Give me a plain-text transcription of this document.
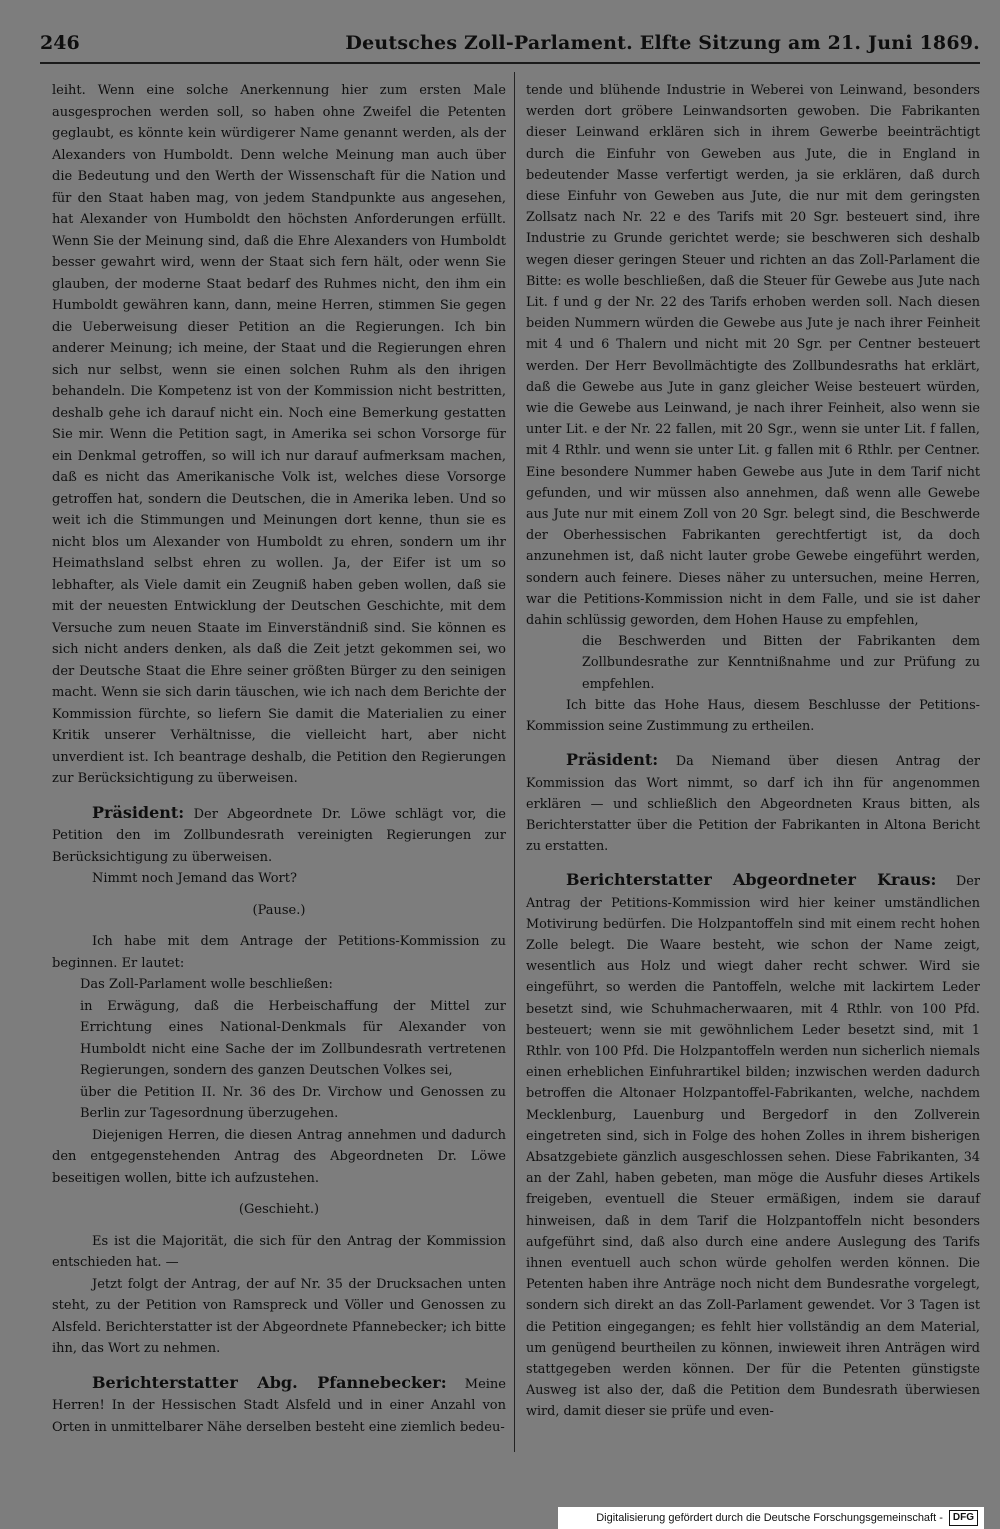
246	Deutsches Zoll-Parlament. Elfte Sitzung am 21. Juni 1869.

leiht. Wenn eine solche Anerkennung hier zum ersten Male ausgesprochen werden soll, so haben ohne Zweifel die Petenten geglaubt, es könnte kein würdigerer Name genannt werden, als der Alexanders von Humboldt. Denn welche Meinung man auch über die Bedeutung und den Werth der Wissenschaft für die Nation und für den Staat haben mag, von jedem Standpunkte aus angesehen, hat Alexander von Humboldt den höchsten Anforderungen erfüllt. Wenn Sie der Meinung sind, daß die Ehre Alexanders von Humboldt besser gewahrt wird, wenn der Staat sich fern hält, oder wenn Sie glauben, der moderne Staat bedarf des Ruhmes nicht, den ihm ein Humboldt gewähren kann, dann, meine Herren, stimmen Sie gegen die Ueberweisung dieser Petition an die Regierungen. Ich bin anderer Meinung; ich meine, der Staat und die Regierungen ehren sich nur selbst, wenn sie einen solchen Ruhm als den ihrigen behandeln. Die Kompetenz ist von der Kommission nicht bestritten, deshalb gehe ich darauf nicht ein. Noch eine Bemerkung gestatten Sie mir. Wenn die Petition sagt, in Amerika sei schon Vorsorge für ein Denkmal getroffen, so will ich nur darauf aufmerksam machen, daß es nicht das Amerikanische Volk ist, welches diese Vorsorge getroffen hat, sondern die Deutschen, die in Amerika leben. Und so weit ich die Stimmungen und Meinungen dort kenne, thun sie es nicht blos um Alexander von Humboldt zu ehren, sondern um ihr Heimathsland selbst ehren zu wollen. Ja, der Eifer ist um so lebhafter, als Viele damit ein Zeugniß haben geben wollen, daß sie mit der neuesten Entwicklung der Deutschen Geschichte, mit dem Versuche zum neuen Staate im Einverständniß sind. Sie können es sich nicht anders denken, als daß die Zeit jetzt gekommen sei, wo der Deutsche Staat die Ehre seiner größten Bürger zu den seinigen macht. Wenn sie sich darin täuschen, wie ich nach dem Berichte der Kommission fürchte, so liefern Sie damit die Materialien zu einer Kritik unserer Verhältnisse, die vielleicht hart, aber nicht unverdient ist. Ich beantrage deshalb, die Petition den Regierungen zur Berücksichtigung zu überweisen.

Präsident: Der Abgeordnete Dr. Löwe schlägt vor, die Petition den im Zollbundesrath vereinigten Regierungen zur Berücksichtigung zu überweisen.

Nimmt noch Jemand das Wort?

(Pause.)

Ich habe mit dem Antrage der Petitions-Kommission zu beginnen. Er lautet:

Das Zoll-Parlament wolle beschließen:

in Erwägung, daß die Herbeischaffung der Mittel zur Errichtung eines National-Denkmals für Alexander von Humboldt nicht eine Sache der im Zollbundesrath vertretenen Regierungen, sondern des ganzen Deutschen Volkes sei,

über die Petition II. Nr. 36 des Dr. Virchow und Genossen zu Berlin zur Tagesordnung überzugehen.

Diejenigen Herren, die diesen Antrag annehmen und dadurch den entgegenstehenden Antrag des Abgeordneten Dr. Löwe beseitigen wollen, bitte ich aufzustehen.

(Geschieht.)

Es ist die Majorität, die sich für den Antrag der Kommission entschieden hat. —

Jetzt folgt der Antrag, der auf Nr. 35 der Drucksachen unten steht, zu der Petition von Ramspreck und Völler und Genossen zu Alsfeld. Berichterstatter ist der Abgeordnete Pfannebecker; ich bitte ihn, das Wort zu nehmen.

Berichterstatter Abg. Pfannebecker: Meine Herren! In der Hessischen Stadt Alsfeld und in einer Anzahl von Orten in unmittelbarer Nähe derselben besteht eine ziemlich bedeu-

tende und blühende Industrie in Weberei von Leinwand, besonders werden dort gröbere Leinwandsorten gewoben. Die Fabrikanten dieser Leinwand erklären sich in ihrem Gewerbe beeinträchtigt durch die Einfuhr von Geweben aus Jute, die in England in bedeutender Masse verfertigt werden, ja sie erklären, daß durch diese Einfuhr von Geweben aus Jute, die nur mit dem geringsten Zollsatz nach Nr. 22 e des Tarifs mit 20 Sgr. besteuert sind, ihre Industrie zu Grunde gerichtet werde; sie beschweren sich deshalb wegen dieser geringen Steuer und richten an das Zoll-Parlament die Bitte: es wolle beschließen, daß die Steuer für Gewebe aus Jute nach Lit. f und g der Nr. 22 des Tarifs erhoben werden soll. Nach diesen beiden Nummern würden die Gewebe aus Jute je nach ihrer Feinheit mit 4 und 6 Thalern und nicht mit 20 Sgr. per Centner besteuert werden. Der Herr Bevollmächtigte des Zollbundesraths hat erklärt, daß die Gewebe aus Jute in ganz gleicher Weise besteuert würden, wie die Gewebe aus Leinwand, je nach ihrer Feinheit, also wenn sie unter Lit. e der Nr. 22 fallen, mit 20 Sgr., wenn sie unter Lit. f fallen, mit 4 Rthlr. und wenn sie unter Lit. g fallen mit 6 Rthlr. per Centner. Eine besondere Nummer haben Gewebe aus Jute in dem Tarif nicht gefunden, und wir müssen also annehmen, daß wenn alle Gewebe aus Jute nur mit einem Zoll von 20 Sgr. belegt sind, die Beschwerde der Oberhessischen Fabrikanten gerechtfertigt ist, da doch anzunehmen ist, daß nicht lauter grobe Gewebe eingeführt werden, sondern auch feinere. Dieses näher zu untersuchen, meine Herren, war die Petitions-Kommission nicht in dem Falle, und sie ist daher dahin schlüssig geworden, dem Hohen Hause zu empfehlen,

die Beschwerden und Bitten der Fabrikanten dem Zollbundesrathe zur Kenntnißnahme und zur Prüfung zu empfehlen.

Ich bitte das Hohe Haus, diesem Beschlusse der Petitions-Kommission seine Zustimmung zu ertheilen.

Präsident: Da Niemand über diesen Antrag der Kommission das Wort nimmt, so darf ich ihn für angenommen erklären — und schließlich den Abgeordneten Kraus bitten, als Berichterstatter über die Petition der Fabrikanten in Altona Bericht zu erstatten.

Berichterstatter Abgeordneter Kraus: Der Antrag der Petitions-Kommission wird hier keiner umständlichen Motivirung bedürfen. Die Holzpantoffeln sind mit einem recht hohen Zolle belegt. Die Waare besteht, wie schon der Name zeigt, wesentlich aus Holz und wiegt daher recht schwer. Wird sie eingeführt, so werden die Pantoffeln, welche mit lackirtem Leder besetzt sind, wie Schuhmacherwaaren, mit 4 Rthlr. von 100 Pfd. besteuert; wenn sie mit gewöhnlichem Leder besetzt sind, mit 1 Rthlr. von 100 Pfd. Die Holzpantoffeln werden nun sicherlich niemals einen erheblichen Einfuhrartikel bilden; inzwischen werden dadurch betroffen die Altonaer Holzpantoffel-Fabrikanten, welche, nachdem Mecklenburg, Lauenburg und Bergedorf in den Zollverein eingetreten sind, sich in Folge des hohen Zolles in ihrem bisherigen Absatzgebiete gänzlich ausgeschlossen sehen. Diese Fabrikanten, 34 an der Zahl, haben gebeten, man möge die Ausfuhr dieses Artikels freigeben, eventuell die Steuer ermäßigen, indem sie darauf hinweisen, daß in dem Tarif die Holzpantoffeln nicht besonders aufgeführt sind, daß also durch eine andere Auslegung des Tarifs ihnen eventuell auch schon würde geholfen werden können. Die Petenten haben ihre Anträge noch nicht dem Bundesrathe vorgelegt, sondern sich direkt an das Zoll-Parlament gewendet. Vor 3 Tagen ist die Petition eingegangen; es fehlt hier vollständig an dem Material, um genügend beurtheilen zu können, inwieweit ihren Anträgen wird stattgegeben werden können. Der für die Petenten günstigste Ausweg ist also der, daß die Petition dem Bundesrath überwiesen wird, damit dieser sie prüfe und even-

Digitalisierung gefördert durch die Deutsche Forschungsgemeinschaft -	DFG
